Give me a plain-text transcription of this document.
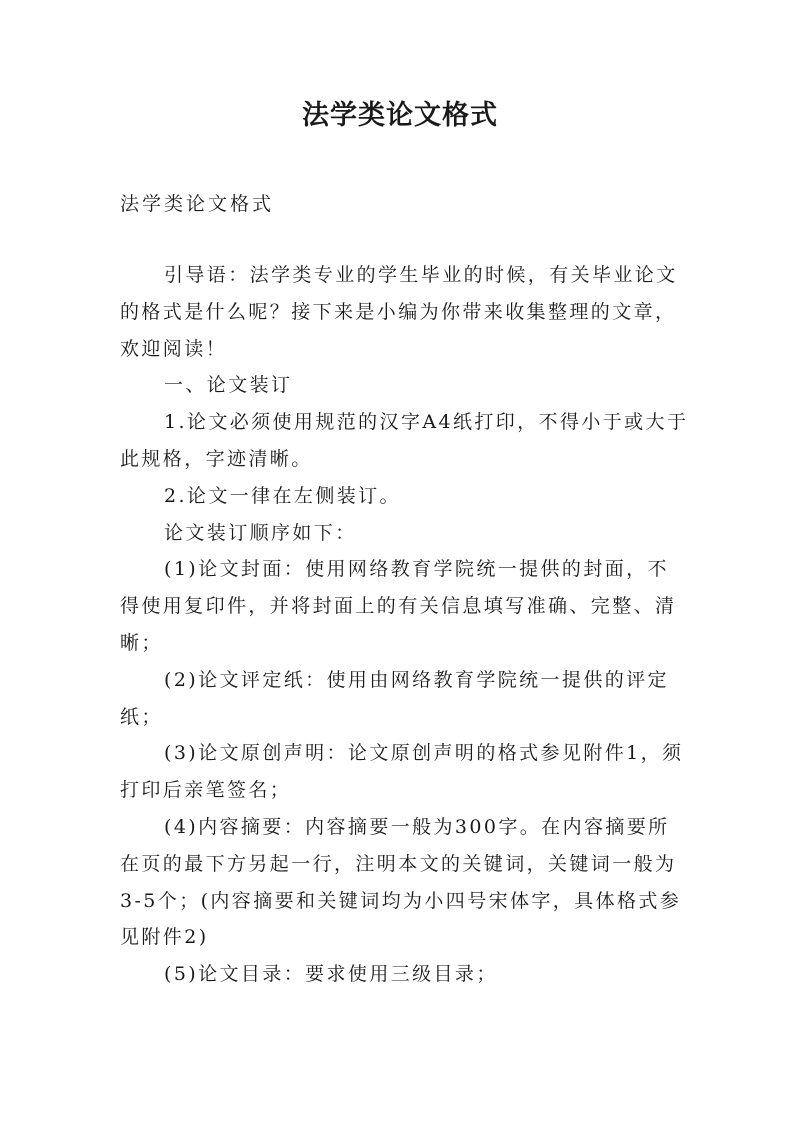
法学类论文格式

法学类论文格式

引导语：法学类专业的学生毕业的时候，有关毕业论文的格式是什么呢？接下来是小编为你带来收集整理的文章，欢迎阅读！

一、论文装订

1.论文必须使用规范的汉字A4纸打印，不得小于或大于此规格，字迹清晰。

2.论文一律在左侧装订。

论文装订顺序如下：

(1)论文封面：使用网络教育学院统一提供的封面，不得使用复印件，并将封面上的有关信息填写准确、完整、清晰；

(2)论文评定纸：使用由网络教育学院统一提供的评定纸；

(3)论文原创声明：论文原创声明的格式参见附件1，须打印后亲笔签名；

(4)内容摘要：内容摘要一般为300字。在内容摘要所在页的最下方另起一行，注明本文的关键词，关键词一般为3-5个；(内容摘要和关键词均为小四号宋体字，具体格式参见附件2)

(5)论文目录：要求使用三级目录；
